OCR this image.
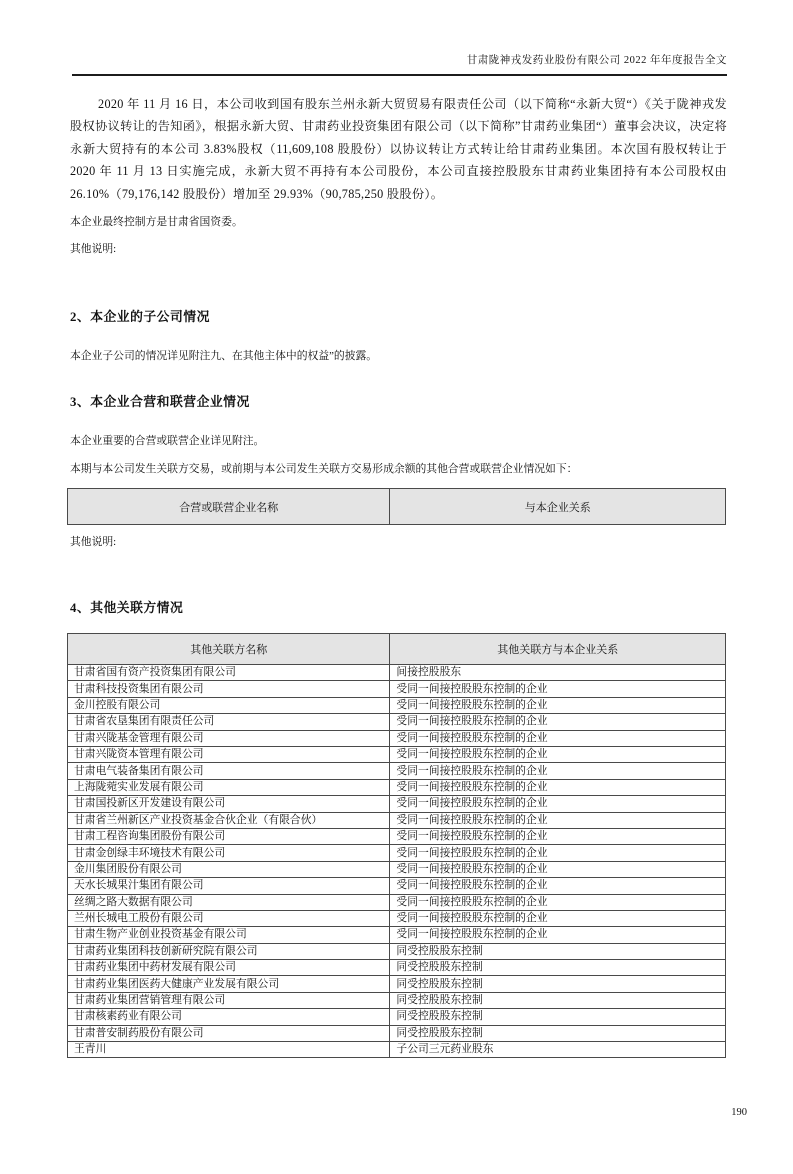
甘肃陇神戎发药业股份有限公司 2022 年年度报告全文

2020 年 11 月 16 日，本公司收到国有股东兰州永新大贸贸易有限责任公司（以下简称“永新大贸“）《关于陇神戎发股权协议转让的告知函》，根据永新大贸、甘肃药业投资集团有限公司（以下简称”甘肃药业集团“）董事会决议，决定将永新大贸持有的本公司 3.83%股权（11,609,108 股股份）以协议转让方式转让给甘肃药业集团。本次国有股权转让于 2020 年 11 月 13 日实施完成，永新大贸不再持有本公司股份，本公司直接控股股东甘肃药业集团持有本公司股权由 26.10%（79,176,142 股股份）增加至 29.93%（90,785,250 股股份）。

本企业最终控制方是甘肃省国资委。

其他说明:

2、本企业的子公司情况

本企业子公司的情况详见附注九、在其他主体中的权益”的披露。

3、本企业合营和联营企业情况

本企业重要的合营或联营企业详见附注。

本期与本公司发生关联方交易，或前期与本公司发生关联方交易形成余额的其他合营或联营企业情况如下：

合营或联营企业名称	与本企业关系

其他说明:

4、其他关联方情况
其他关联方名称	其他关联方与本企业关系
甘肃省国有资产投资集团有限公司	间接控股股东
甘肃科技投资集团有限公司	受同一间接控股股东控制的企业
金川控股有限公司	受同一间接控股股东控制的企业
甘肃省农垦集团有限责任公司	受同一间接控股股东控制的企业
甘肃兴陇基金管理有限公司	受同一间接控股股东控制的企业
甘肃兴陇资本管理有限公司	受同一间接控股股东控制的企业
甘肃电气装备集团有限公司	受同一间接控股股东控制的企业
上海陇菀实业发展有限公司	受同一间接控股股东控制的企业
甘肃国投新区开发建设有限公司	受同一间接控股股东控制的企业
甘肃省兰州新区产业投资基金合伙企业（有限合伙）	受同一间接控股股东控制的企业
甘肃工程咨询集团股份有限公司	受同一间接控股股东控制的企业
甘肃金创绿丰环境技术有限公司	受同一间接控股股东控制的企业
金川集团股份有限公司	受同一间接控股股东控制的企业
天水长城果汁集团有限公司	受同一间接控股股东控制的企业
丝绸之路大数据有限公司	受同一间接控股股东控制的企业
兰州长城电工股份有限公司	受同一间接控股股东控制的企业
甘肃生物产业创业投资基金有限公司	受同一间接控股股东控制的企业
甘肃药业集团科技创新研究院有限公司	同受控股股东控制
甘肃药业集团中药材发展有限公司	同受控股股东控制
甘肃药业集团医药大健康产业发展有限公司	同受控股股东控制
甘肃药业集团营销管理有限公司	同受控股股东控制
甘肃核素药业有限公司	同受控股股东控制
甘肃普安制药股份有限公司	同受控股股东控制
王青川	子公司三元药业股东
190
